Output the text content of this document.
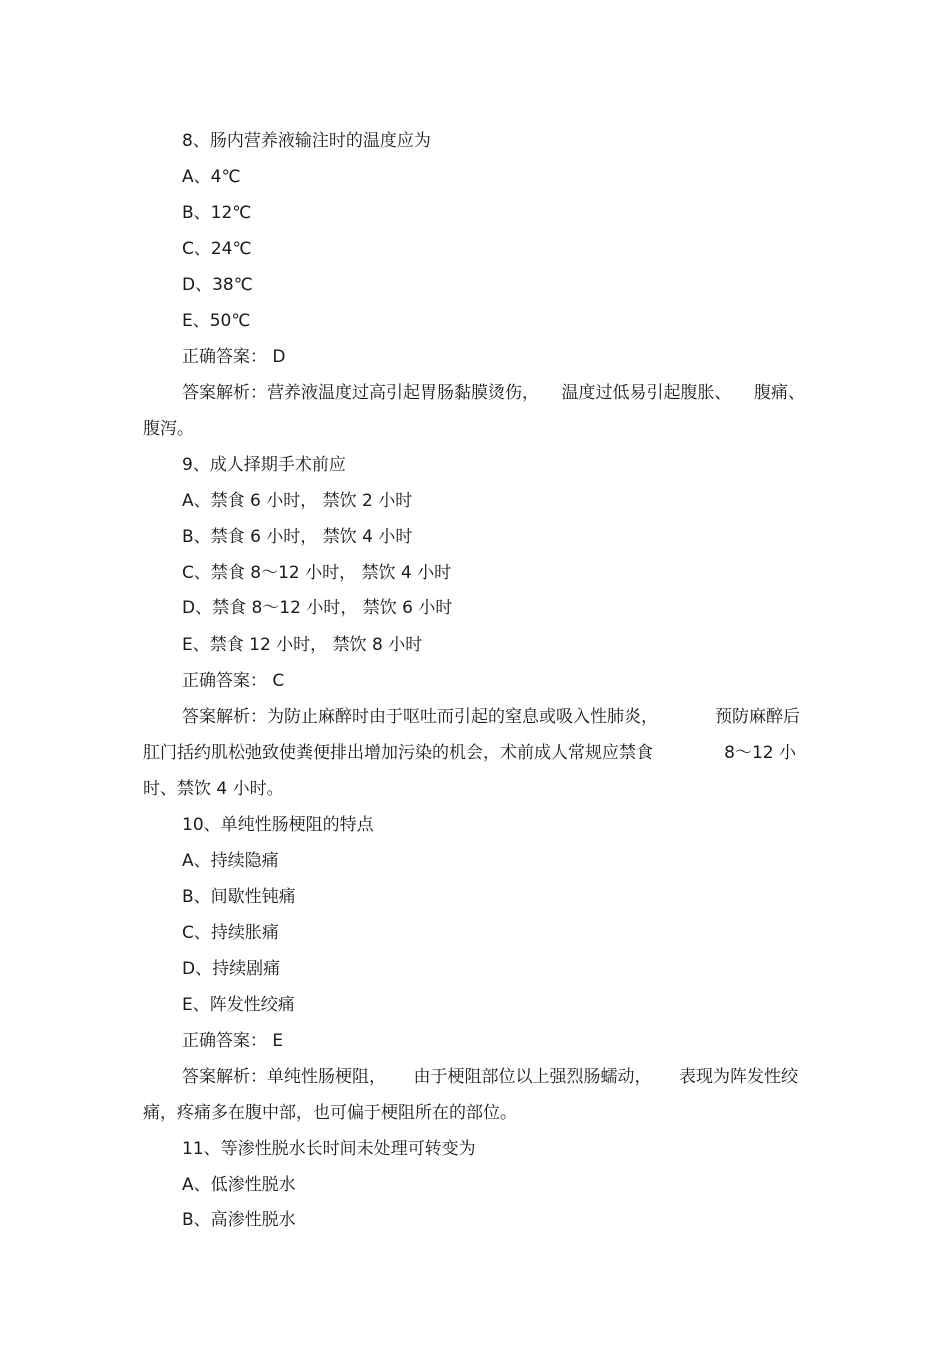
8、肠内营养液输注时的温度应为
A、4℃
B、12℃
C、24℃
D、38℃
E、50℃
正确答案： D
答案解析：营养液温度过高引起胃肠黏膜烫伤， 温度过低易引起腹胀、 腹痛、
腹泻。
9、成人择期手术前应
A、禁食 6 小时， 禁饮 2 小时
B、禁食 6 小时， 禁饮 4 小时
C、禁食 8～12 小时， 禁饮 4 小时
D、禁食 8～12 小时， 禁饮 6 小时
E、禁食 12 小时， 禁饮 8 小时
正确答案： C
答案解析：为防止麻醉时由于呕吐而引起的窒息或吸入性肺炎，	预防麻醉后
肛门括约肌松弛致使粪便排出增加污染的机会，术前成人常规应禁食	8～12 小
时、禁饮 4 小时。
10、单纯性肠梗阻的特点
A、持续隐痛
B、间歇性钝痛
C、持续胀痛
D、持续剧痛
E、阵发性绞痛
正确答案： E
答案解析：单纯性肠梗阻， 由于梗阻部位以上强烈肠蠕动， 表现为阵发性绞
痛，疼痛多在腹中部，也可偏于梗阻所在的部位。
11、等渗性脱水长时间未处理可转变为
A、低渗性脱水
B、高渗性脱水
